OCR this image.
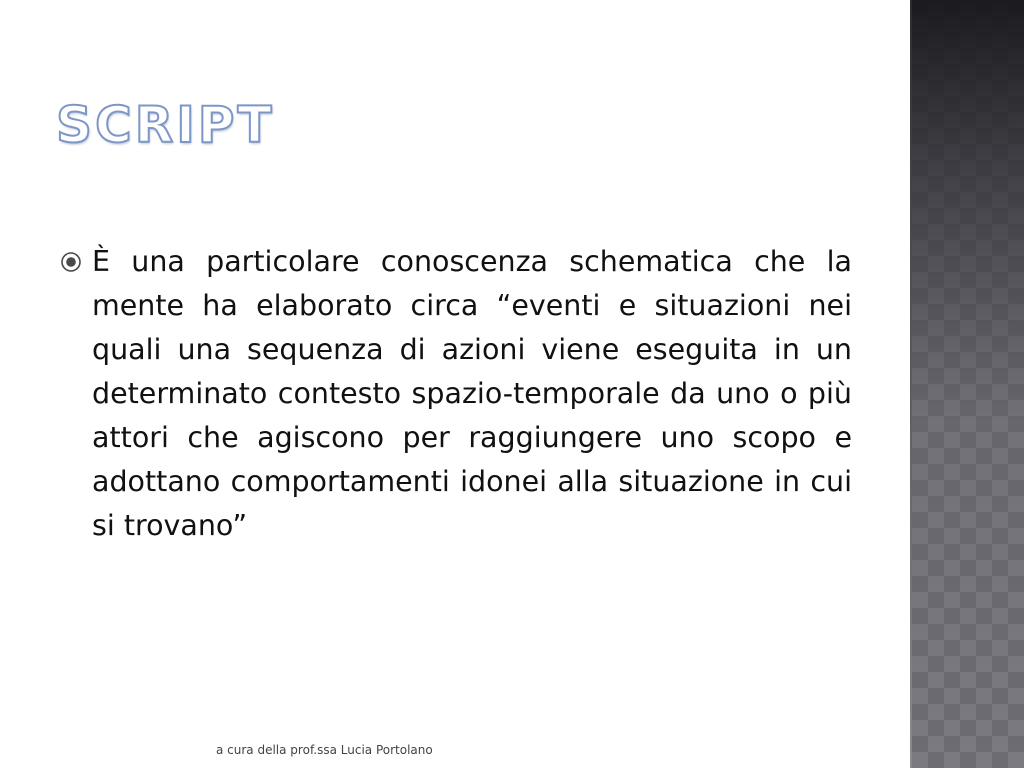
SCRIPT

È una particolare conoscenza schematica che la mente ha elaborato circa “eventi e situazioni nei quali una sequenza di azioni viene eseguita in un determinato contesto spazio-temporale da uno o più attori che agiscono per raggiungere uno scopo e adottano comportamenti idonei alla situazione in cui si trovano”

a cura della prof.ssa Lucia Portolano
